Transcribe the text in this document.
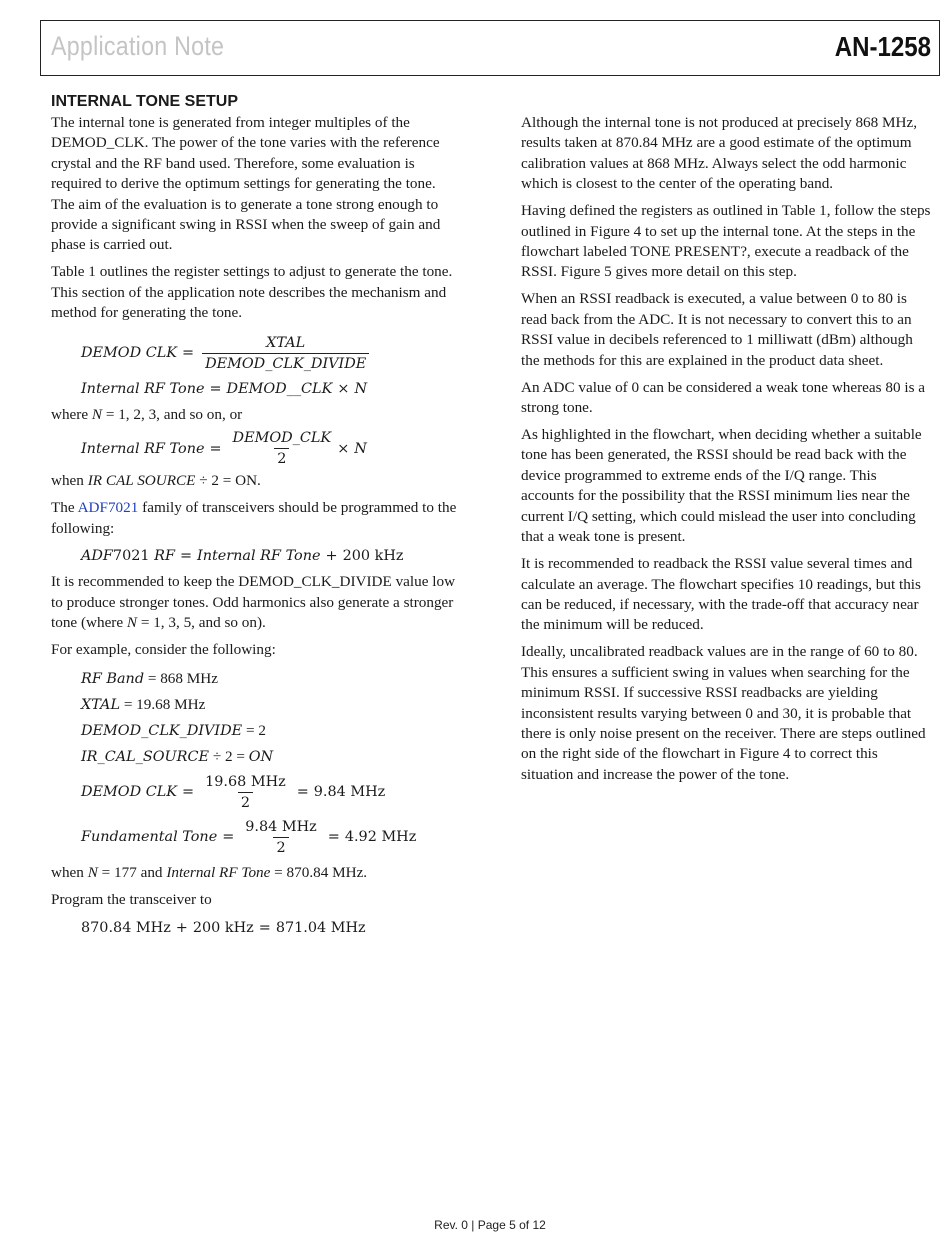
Application Note	AN-1258
INTERNAL TONE SETUP

The internal tone is generated from integer multiples of the DEMOD_CLK. The power of the tone varies with the reference crystal and the RF band used. Therefore, some evaluation is required to derive the optimum settings for generating the tone. The aim of the evaluation is to generate a tone strong enough to provide a significant swing in RSSI when the sweep of gain and phase is carried out.

Table 1 outlines the register settings to adjust to generate the tone. This section of the application note describes the mechanism and method for generating the tone.

DEMOD CLK = $\frac{\text{XTAL}}{\text{DEMOD\_CLK\_DIVIDE}}$
Internal RF Tone = DEMOD__CLK × N

where N = 1, 2, 3, and so on, or

Internal RF Tone = $\frac{\text{DEMOD\_CLK}}{2} \times N$

when IR CAL SOURCE ÷ 2 = ON.

The ADF7021 family of transceivers should be programmed to the following:

ADF 7021
RF = Internal RF Tone + 200 kHz

It is recommended to keep the DEMOD_CLK_DIVIDE value low to produce stronger tones. Odd harmonics also generate a stronger tone (where N = 1, 3, 5, and so on).

For example, consider the following:

RF Band = 868 MHz
XTAL = 19.68 MHz
DEMOD_CLK_DIVIDE = 2
IR_CAL_SOURCE ÷ 2 = ON
DEMOD CLK = $\frac{\text{19.68 MHz}}{2} = 9.84$ MHz
Fundamental Tone = $\frac{\text{9.84 MHz}}{2} = 4.92$ MHz

when N = 177 and Internal RF Tone = 870.84 MHz.

Program the transceiver to

870.84 MHz + 200 kHz = 871.04 MHz

Although the internal tone is not produced at precisely 868 MHz, results taken at 870.84 MHz are a good estimate of the optimum calibration values at 868 MHz. Always select the odd harmonic which is closest to the center of the operating band.

Having defined the registers as outlined in Table 1, follow the steps outlined in Figure 4 to set up the internal tone. At the steps in the flowchart labeled TONE PRESENT?, execute a readback of the RSSI. Figure 5 gives more detail on this step.

When an RSSI readback is executed, a value between 0 to 80 is read back from the ADC. It is not necessary to convert this to an RSSI value in decibels referenced to 1 milliwatt (dBm) although the methods for this are explained in the product data sheet.

An ADC value of 0 can be considered a weak tone whereas 80 is a strong tone.

As highlighted in the flowchart, when deciding whether a suitable tone has been generated, the RSSI should be read back with the device programmed to extreme ends of the I/Q range. This accounts for the possibility that the RSSI minimum lies near the current I/Q setting, which could mislead the user into concluding that a weak tone is present.

It is recommended to readback the RSSI value several times and calculate an average. The flowchart specifies 10 readings, but this can be reduced, if necessary, with the trade-off that accuracy near the minimum will be reduced.

Ideally, uncalibrated readback values are in the range of 60 to 80. This ensures a sufficient swing in values when searching for the minimum RSSI. If successive RSSI readbacks are yielding inconsistent results varying between 0 and 30, it is probable that there is only noise present on the receiver. There are steps outlined on the right side of the flowchart in Figure 4 to correct this situation and increase the power of the tone.

Rev. 0 | Page 5 of 12
